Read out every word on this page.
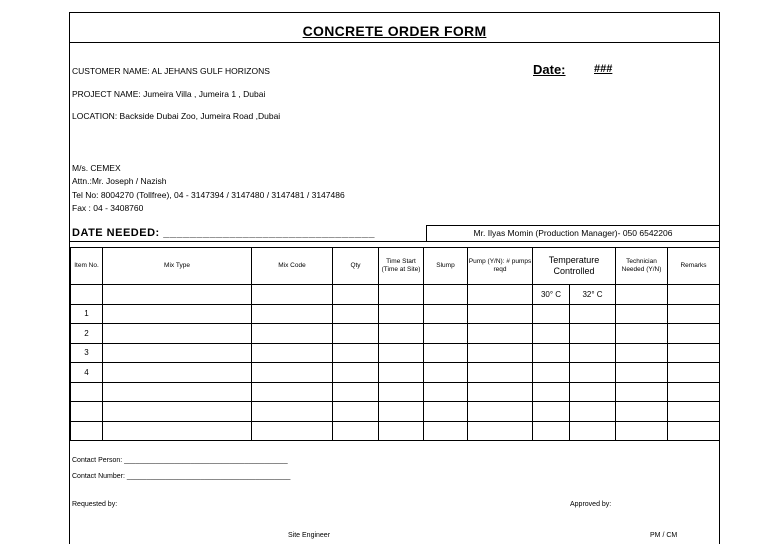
CONCRETE ORDER FORM
CUSTOMER NAME: AL JEHANS GULF HORIZONS	Date:	###
PROJECT NAME: Jumeira Villa , Jumeira 1 , Dubai
LOCATION: Backside Dubai Zoo, Jumeira Road ,Dubai
M/s. CEMEX
Attn.:Mr. Joseph / Nazish
Tel No: 8004270 (Tollfree), 04 - 3147394 / 3147480 / 3147481 / 3147486
Fax : 04 - 3408760
DATE NEEDED: ________________________________	Mr. Ilyas Momin (Production Manager)- 050 6542206
Item No.	Mix Type	Mix Code	Qty	Time Start (Time at Site)	Slump	Pump (Y/N): # pumps reqd	Temperature Controlled		Technician Needed (Y/N)	Remarks
							30° C	32° C		
1										
2										
3										
4										

Contact Person: __________________________________________
Contact Number: __________________________________________
Requested by:	Approved by:
Site Engineer	PM / CM
